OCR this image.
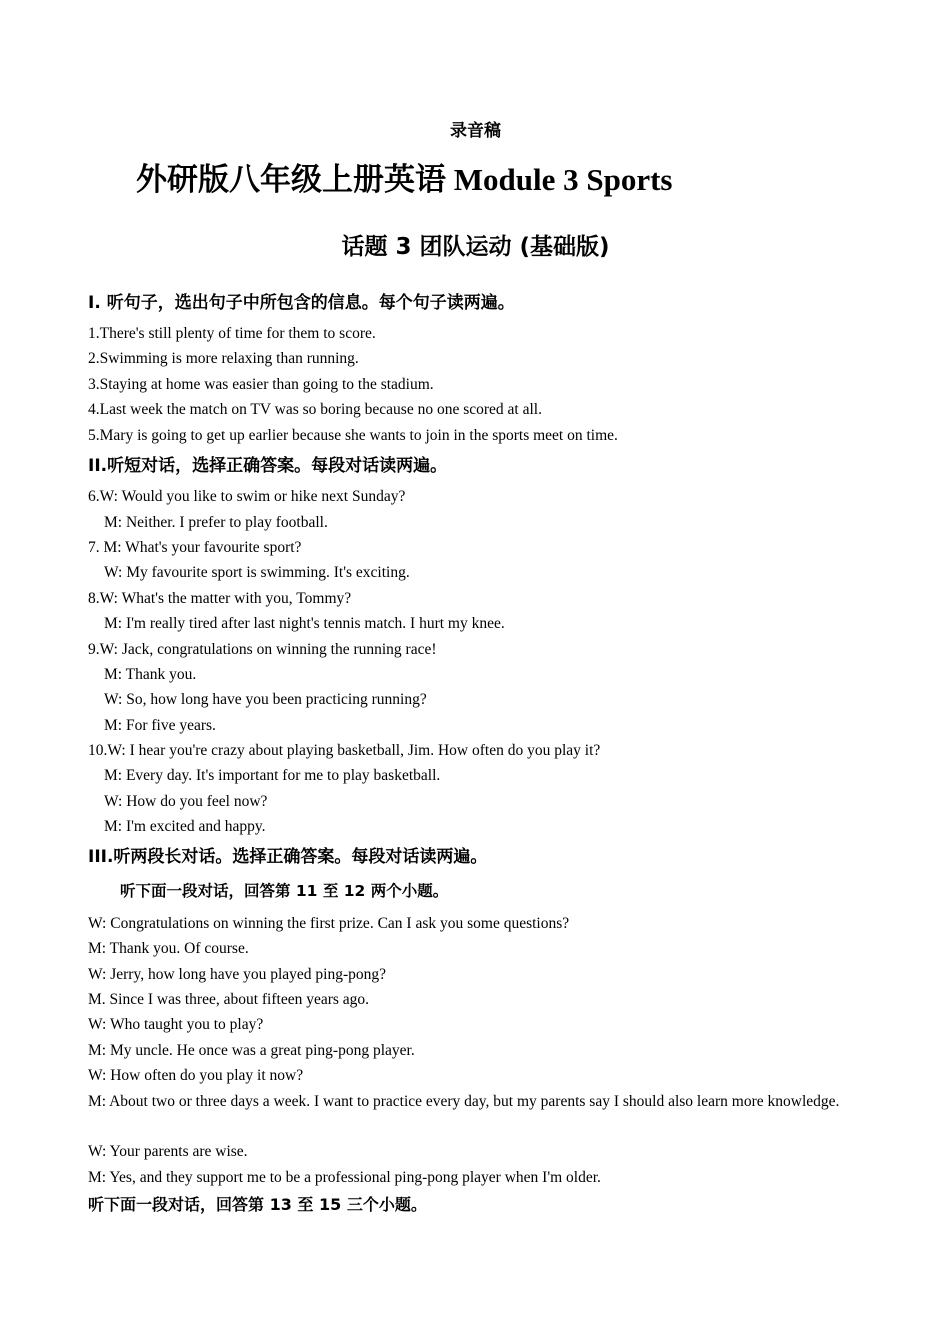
录音稿
外研版八年级上册英语 Module 3 Sports
话题 3 团队运动 (基础版)
I. 听句子，选出句子中所包含的信息。每个句子读两遍。
1.There's still plenty of time for them to score.
2.Swimming is more relaxing than running.
3.Staying at home was easier than going to the stadium.
4.Last week the match on TV was so boring because no one scored at all.
5.Mary is going to get up earlier because she wants to join in the sports meet on time.
II.听短对话，选择正确答案。每段对话读两遍。
6.W: Would you like to swim or hike next Sunday?
M: Neither. I prefer to play football.
7. M: What's your favourite sport?
W: My favourite sport is swimming. It's exciting.
8.W: What's the matter with you, Tommy?
M: I'm really tired after last night's tennis match. I hurt my knee.
9.W: Jack, congratulations on winning the running race!
M: Thank you.
W: So, how long have you been practicing running?
M: For five years.
10.W: I hear you're crazy about playing basketball, Jim. How often do you play it?
M: Every day. It's important for me to play basketball.
W: How do you feel now?
M: I'm excited and happy.
III.听两段长对话。选择正确答案。每段对话读两遍。
听下面一段对话，回答第 11 至 12 两个小题。
W: Congratulations on winning the first prize. Can I ask you some questions?
M: Thank you. Of course.
W: Jerry, how long have you played ping-pong?
M. Since I was three, about fifteen years ago.
W: Who taught you to play?
M: My uncle. He once was a great ping-pong player.
W: How often do you play it now?
M: About two or three days a week. I want to practice every day, but my parents say I should also learn more knowledge.
W: Your parents are wise.
M: Yes, and they support me to be a professional ping-pong player when I'm older.
听下面一段对话，回答第 13 至 15 三个小题。
